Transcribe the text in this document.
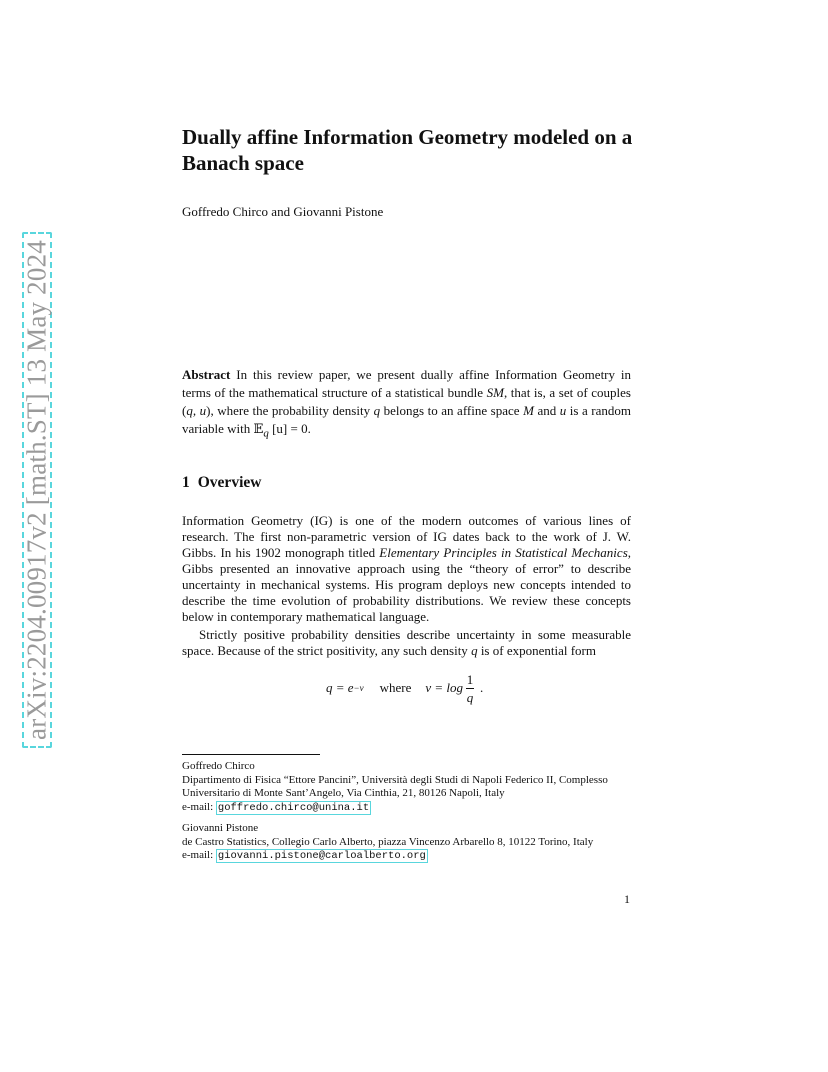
arXiv:2204.00917v2 [math.ST] 13 May 2024
Dually affine Information Geometry modeled on a Banach space
Goffredo Chirco and Giovanni Pistone

Abstract In this review paper, we present dually affine Information Geometry in terms of the mathematical structure of a statistical bundle SM, that is, a set of couples (q, u), where the probability density q belongs to an affine space M and u is a random variable with 𝔼$_q$ [u] = 0.

1 Overview

Information Geometry (IG) is one of the modern outcomes of various lines of research. The first non-parametric version of IG dates back to the work of J. W. Gibbs. In his 1902 monograph titled Elementary Principles in Statistical Mechanics, Gibbs presented an innovative approach using the “theory of error” to describe uncertainty in mechanical systems. His program deploys new concepts intended to describe the time evolution of probability distributions. We review these concepts below in contemporary mathematical language.

Strictly positive probability densities describe uncertainty in some measurable space. Because of the strict positivity, any such density q is of exponential form

q = e −v where $v = \log \frac{1}{q}$ .
Goffredo Chirco
Dipartimento di Fisica “Ettore Pancini”, Università degli Studi di Napoli Federico II, Complesso Universitario di Monte Sant’Angelo, Via Cinthia, 21, 80126 Napoli, Italy
e-mail: goffredo.chirco@unina.it
Giovanni Pistone
de Castro Statistics, Collegio Carlo Alberto, piazza Vincenzo Arbarello 8, 10122 Torino, Italy
e-mail: giovanni.pistone@carloalberto.org
1
